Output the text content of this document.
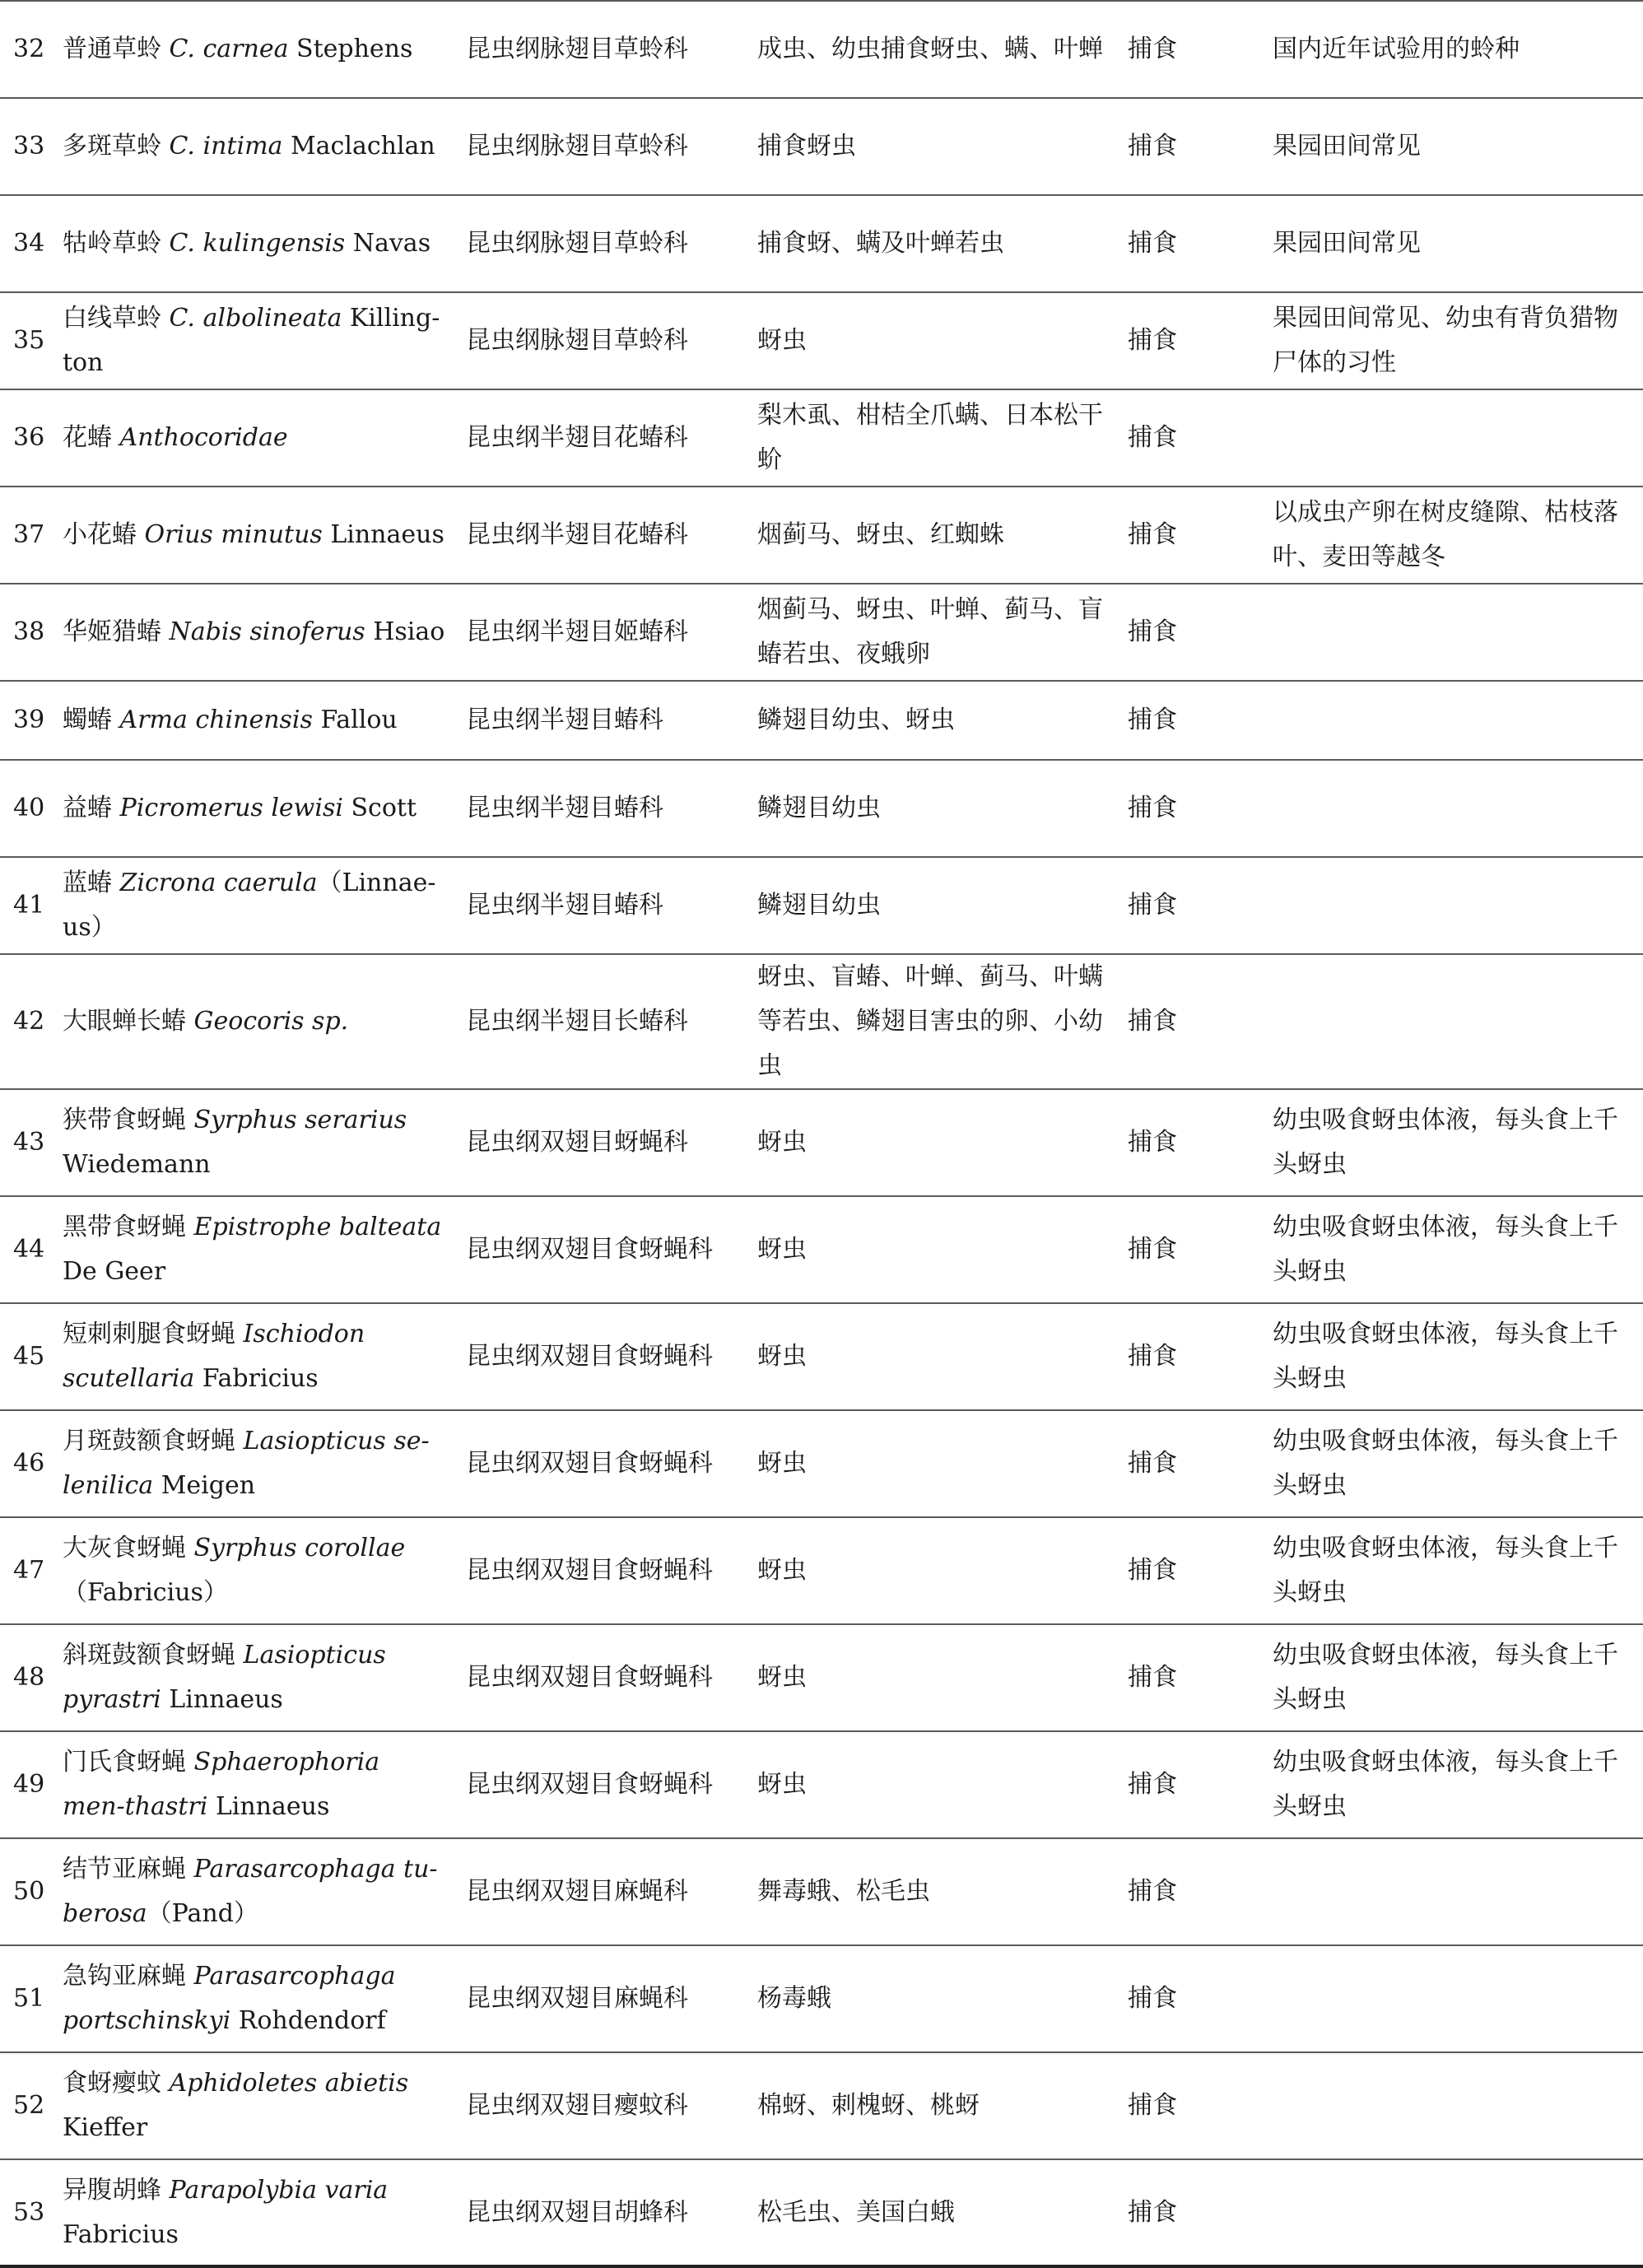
32	普通草蛉 C. carnea Stephens	昆虫纲脉翅目草蛉科	成虫、幼虫捕食蚜虫、螨、叶蝉	捕食	国内近年试验用的蛉种
33	多斑草蛉 C. intima Maclachlan	昆虫纲脉翅目草蛉科	捕食蚜虫	捕食	果园田间常见
34	牯岭草蛉 C. kulingensis Navas	昆虫纲脉翅目草蛉科	捕食蚜、螨及叶蝉若虫	捕食	果园田间常见
35	白线草蛉 C. albolineata Killing-ton	昆虫纲脉翅目草蛉科	蚜虫	捕食	果园田间常见、幼虫有背负猎物尸体的习性
36	花蝽 Anthocoridae	昆虫纲半翅目花蝽科	梨木虱、柑桔全爪螨、日本松干蚧	捕食	
37	小花蝽 Orius minutus Linnaeus	昆虫纲半翅目花蝽科	烟蓟马、蚜虫、红蜘蛛	捕食	以成虫产卵在树皮缝隙、枯枝落叶、麦田等越冬
38	华姬猎蝽 Nabis sinoferus Hsiao	昆虫纲半翅目姬蝽科	烟蓟马、蚜虫、叶蝉、蓟马、盲蝽若虫、夜蛾卵	捕食	
39	蠋蝽 Arma chinensis Fallou	昆虫纲半翅目蝽科	鳞翅目幼虫、蚜虫	捕食	
40	益蝽 Picromerus lewisi Scott	昆虫纲半翅目蝽科	鳞翅目幼虫	捕食	
41	蓝蝽 Zicrona caerula（Linnae-us）	昆虫纲半翅目蝽科	鳞翅目幼虫	捕食	
42	大眼蝉长蝽 Geocoris sp.	昆虫纲半翅目长蝽科	蚜虫、盲蝽、叶蝉、蓟马、叶螨等若虫、鳞翅目害虫的卵、小幼虫	捕食	
43	狭带食蚜蝇 Syrphus serarius Wiedemann	昆虫纲双翅目蚜蝇科	蚜虫	捕食	幼虫吸食蚜虫体液，每头食上千头蚜虫
44	黑带食蚜蝇 Epistrophe balteata De Geer	昆虫纲双翅目食蚜蝇科	蚜虫	捕食	幼虫吸食蚜虫体液，每头食上千头蚜虫
45	短刺刺腿食蚜蝇 Ischiodon scutellaria Fabricius	昆虫纲双翅目食蚜蝇科	蚜虫	捕食	幼虫吸食蚜虫体液，每头食上千头蚜虫
46	月斑鼓额食蚜蝇 Lasiopticus se-lenilica Meigen	昆虫纲双翅目食蚜蝇科	蚜虫	捕食	幼虫吸食蚜虫体液，每头食上千头蚜虫
47	大灰食蚜蝇 Syrphus corollae（Fabricius）	昆虫纲双翅目食蚜蝇科	蚜虫	捕食	幼虫吸食蚜虫体液，每头食上千头蚜虫
48	斜斑鼓额食蚜蝇 Lasiopticus pyrastri Linnaeus	昆虫纲双翅目食蚜蝇科	蚜虫	捕食	幼虫吸食蚜虫体液，每头食上千头蚜虫
49	门氏食蚜蝇 Sphaerophoria men-thastri Linnaeus	昆虫纲双翅目食蚜蝇科	蚜虫	捕食	幼虫吸食蚜虫体液，每头食上千头蚜虫
50	结节亚麻蝇 Parasarcophaga tu-berosa（Pand）	昆虫纲双翅目麻蝇科	舞毒蛾、松毛虫	捕食	
51	急钩亚麻蝇 Parasarcophaga portschinskyi Rohdendorf	昆虫纲双翅目麻蝇科	杨毒蛾	捕食	
52	食蚜瘿蚊 Aphidoletes abietis Kieffer	昆虫纲双翅目瘿蚊科	棉蚜、刺槐蚜、桃蚜	捕食	
53	异腹胡蜂 Parapolybia varia Fabricius	昆虫纲双翅目胡蜂科	松毛虫、美国白蛾	捕食	
